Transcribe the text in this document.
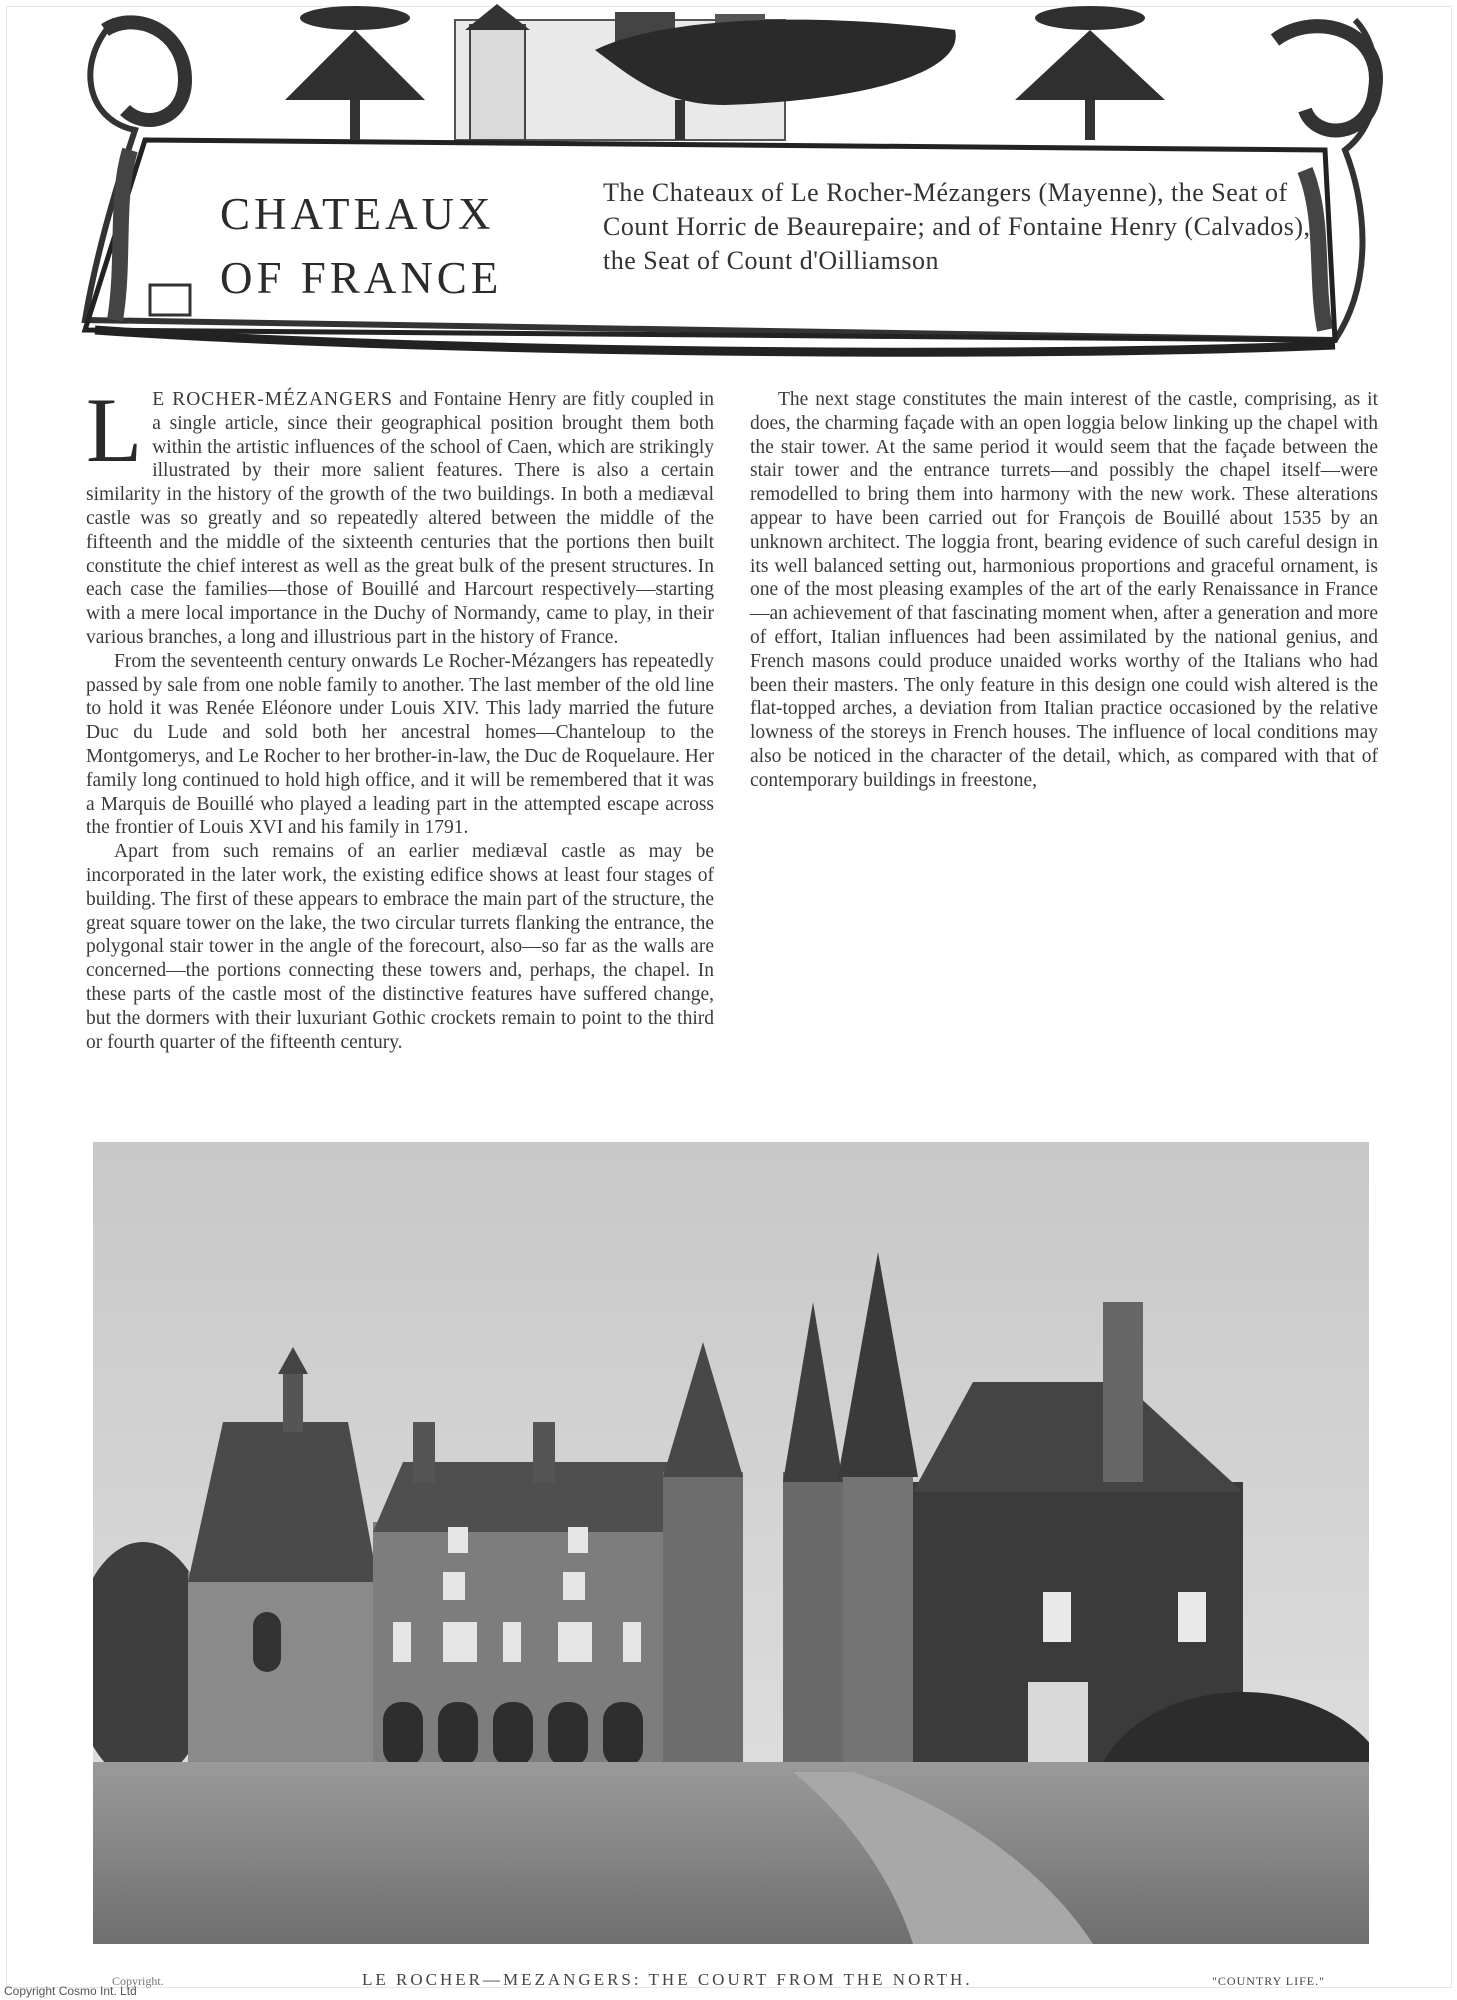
CHATEAUX
OF FRANCE
The Chateaux of Le Rocher-Mézangers (Mayenne), the Seat of Count Horric de Beaurepaire; and of Fontaine Henry (Calvados), the Seat of Count d'Oilliamson

L E ROCHER-MÉZANGERS and Fontaine Henry are fitly coupled in a single article, since their geographical position brought them both within the artistic influences of the school of Caen, which are strikingly illustrated by their more salient features. There is also a certain similarity in the history of the growth of the two buildings. In both a mediæval castle was so greatly and so repeatedly altered between the middle of the fifteenth and the middle of the sixteenth centuries that the portions then built constitute the chief interest as well as the great bulk of the present structures. In each case the families—those of Bouillé and Harcourt respectively—starting with a mere local importance in the Duchy of Normandy, came to play, in their various branches, a long and illustrious part in the history of France.

From the seventeenth century onwards Le Rocher-Mézangers has repeatedly passed by sale from one noble family to another. The last member of the old line to hold it was Renée Eléonore under Louis XIV. This lady married the future Duc du Lude and sold both her ancestral homes—Chanteloup to the Montgomerys, and Le Rocher to her brother-in-law, the Duc de Roquelaure. Her family long continued to hold high office, and it will be remembered that it was a Marquis de Bouillé who played a leading part in the attempted escape across the frontier of Louis XVI and his family in 1791.

Apart from such remains of an earlier mediæval castle as may be incorporated in the later work, the existing edifice shows at least four stages of building. The first of these appears to embrace the main part of the structure, the great square tower on the lake, the two circular turrets flanking the entrance, the polygonal stair tower in the angle of the forecourt, also—so far as the walls are concerned—the portions connecting these towers and, perhaps, the chapel. In these parts of the castle most of the distinctive features have suffered change, but the dormers with their luxuriant Gothic crockets remain to point to the third or fourth quarter of the fifteenth century.

The next stage constitutes the main interest of the castle, comprising, as it does, the charming façade with an open loggia below linking up the chapel with the stair tower. At the same period it would seem that the façade between the stair tower and the entrance turrets—and possibly the chapel itself—were remodelled to bring them into harmony with the new work. These alterations appear to have been carried out for François de Bouillé about 1535 by an unknown architect. The loggia front, bearing evidence of such careful design in its well balanced setting out, harmonious proportions and graceful ornament, is one of the most pleasing examples of the art of the early Renaissance in France—an achievement of that fascinating moment when, after a generation and more of effort, Italian influences had been assimilated by the national genius, and French masons could produce unaided works worthy of the Italians who had been their masters. The only feature in this design one could wish altered is the flat-topped arches, a deviation from Italian practice occasioned by the relative lowness of the storeys in French houses. The influence of local conditions may also be noticed in the character of the detail, which, as compared with that of contemporary buildings in freestone,

Copyright.	LE ROCHER—MEZANGERS: THE COURT FROM THE NORTH.	"COUNTRY LIFE."
Copyright Cosmo Int. Ltd
